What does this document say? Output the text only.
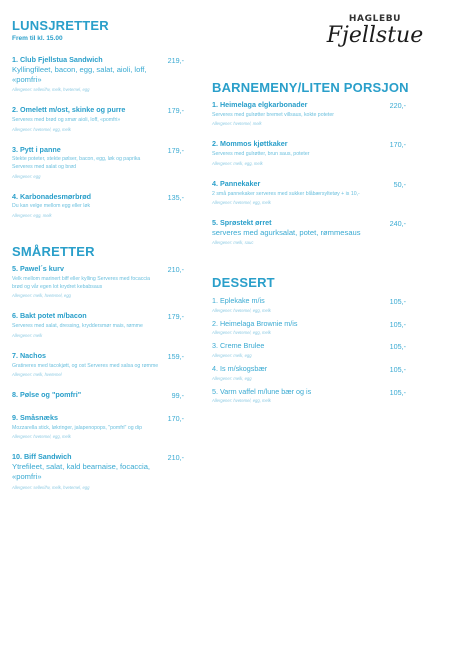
HAGLEBU
Fjellstue
LUNSJRETTER
Frem til kl. 15.00
1. Club Fjellstua Sandwich
Kyllingfileet, bacon, egg, salat, aioli, loff, «pomfri»
Allergener: selleri/hv, melk, hvetemel, egg
219,-
2. Omelett m/ost, skinke og purre
Serveres med brød og smør aioli, loff, «pomfri»
Allergener: hvetemel, egg, melk
179,-
3. Pytt i panne
Stekte poteter, stekte pølser, bacon, egg, løk og paprika Serveres med salat og brød
Allergener: egg
179,-
4. Karbonadesmørbrød
Du kan velge mellom egg eller løk
Allergener: egg, melk
135,-
SMÅRETTER
5. Pawel´s kurv
Velk mellom marinert biff eller kylling Serveres med focaccia brød og vår egen lot krydret kebabsaus
Allergener: melk, hvetemel, egg
210,-
6. Bakt potet m/bacon
Serveres med salat, dressing, kryddersmør mais, rømme
Allergener: melk
179,-
7. Nachos
Gratineres med tacokjøtt, og ost Serveres med salsa og rømme
Allergener: melk, hvetemel
159,-
8. Pølse og "pomfri"	99,-
9. Småsnæks
Mozzarella stick, løkringer, jalapenopops, "pomfri" og dip
Allergener: hvetemel, egg, melk
170,-
10. Biff Sandwich
Ytrefileet, salat, kald bearnaise, focaccia, «pomfri»
Allergener: selleri/hv, melk, hvetemel, egg
210,-
BARNEMENY/LITEN PORSJON
1. Heimelaga elgkarbonader
Serveres med gulrøtter bremet villsaus, kokte poteter
Allergener: hvetemel, melk
220,-
2. Mommos kjøttkaker
Serveres med gulrøtter, brun saus, poteter
Allergener: melk, egg, melk
170,-
4. Pannekaker
2 små pannekaker serveres med sukker blåbærsyltetøy + is 10,-
Allergener: hvetemel, egg, melk
50,-
5. Sprøstekt ørret
serveres med agurksalat, potet, rømmesaus
Allergener: melk, sauc
240,-
DESSERT
1. Eplekake m/is
Allergener: hvetemel, egg, melk
105,-
2. Heimelaga Brownie m/is
Allergener: hvetemel, egg, melk
105,-
3. Creme Brulee
Allergener: melk, egg
105,-
4. Is m/skogsbær
Allergener: melk, egg
105,-
5. Varm vaffel m/lune bær og is
Allergener: hvetemel, egg, melk
105,-
